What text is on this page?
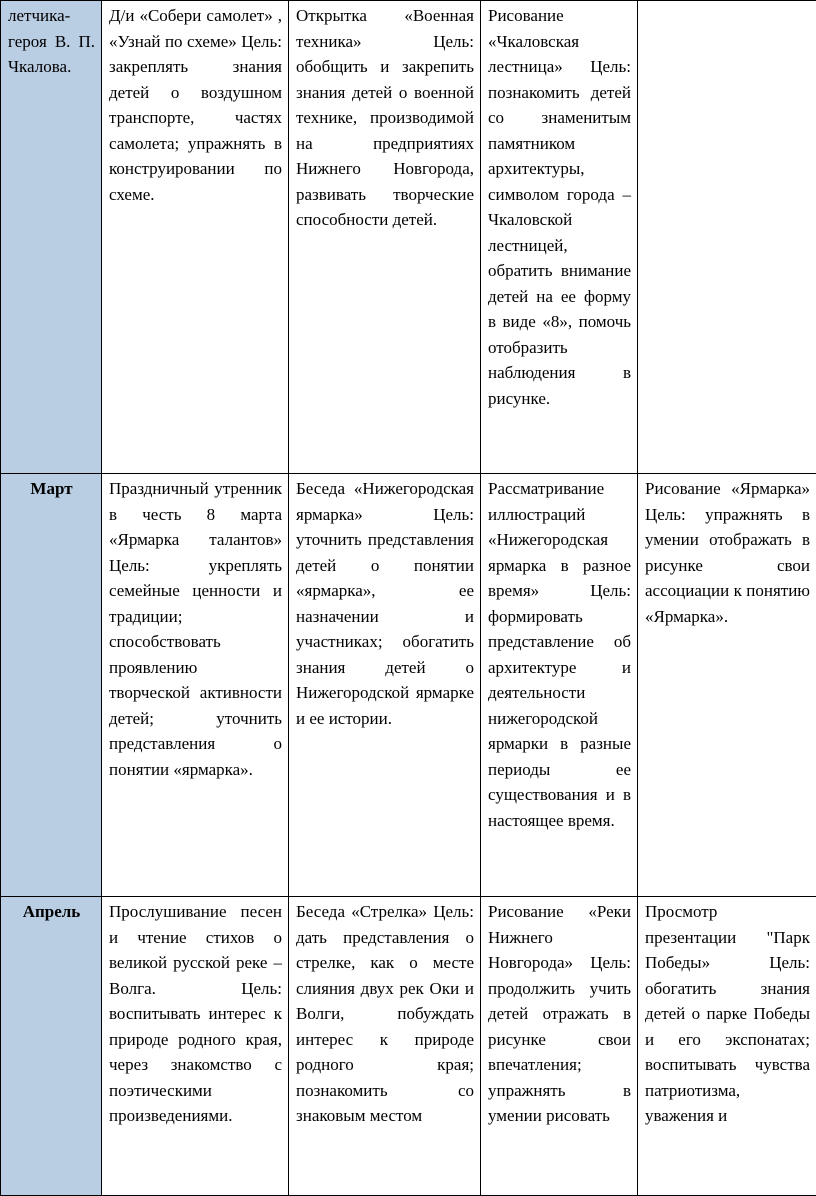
летчика-героя В. П. Чкалова.	Д/и «Собери самолет» , «Узнай по схеме» Цель: закреплять знания детей о воздушном транспорте, частях самолета; упражнять в конструировании по схеме.	Открытка «Военная техника» Цель: обобщить и закрепить знания детей о военной технике, производимой на предприятиях Нижнего Новгорода, развивать творческие способности детей.	Рисование «Чкаловская лестница» Цель: познакомить детей со знаменитым памятником архитектуры, символом города – Чкаловской лестницей, обратить внимание детей на ее форму в виде «8», помочь отобразить наблюдения в рисунке.	

Март	Праздничный утренник в честь 8 марта «Ярмарка талантов» Цель: укреплять семейные ценности и традиции; способствовать проявлению творческой активности детей; уточнить представления о понятии «ярмарка».	Беседа «Нижегородская ярмарка» Цель: уточнить представления детей о понятии «ярмарка», ее назначении и участниках; обогатить знания детей о Нижегородской ярмарке и ее истории.	Рассматривание иллюстраций «Нижегородская ярмарка в разное время» Цель: формировать представление об архитектуре и деятельности нижегородской ярмарки в разные периоды ее существования и в настоящее время.	Рисование «Ярмарка» Цель: упражнять в умении отображать в рисунке свои ассоциации к понятию «Ярмарка».

Апрель	Прослушивание песен и чтение стихов о великой русской реке – Волга. Цель: воспитывать интерес к природе родного края, через знакомство с поэтическими произведениями.	Беседа «Стрелка» Цель: дать представления о стрелке, как о месте слияния двух рек Оки и Волги, побуждать интерес к природе родного края; познакомить со знаковым местом	Рисование «Реки Нижнего Новгорода» Цель: продолжить учить детей отражать в рисунке свои впечатления; упражнять в умении рисовать	Просмотр презентации "Парк Победы» Цель: обогатить знания детей о парке Победы и его экспонатах; воспитывать чувства патриотизма, уважения и
